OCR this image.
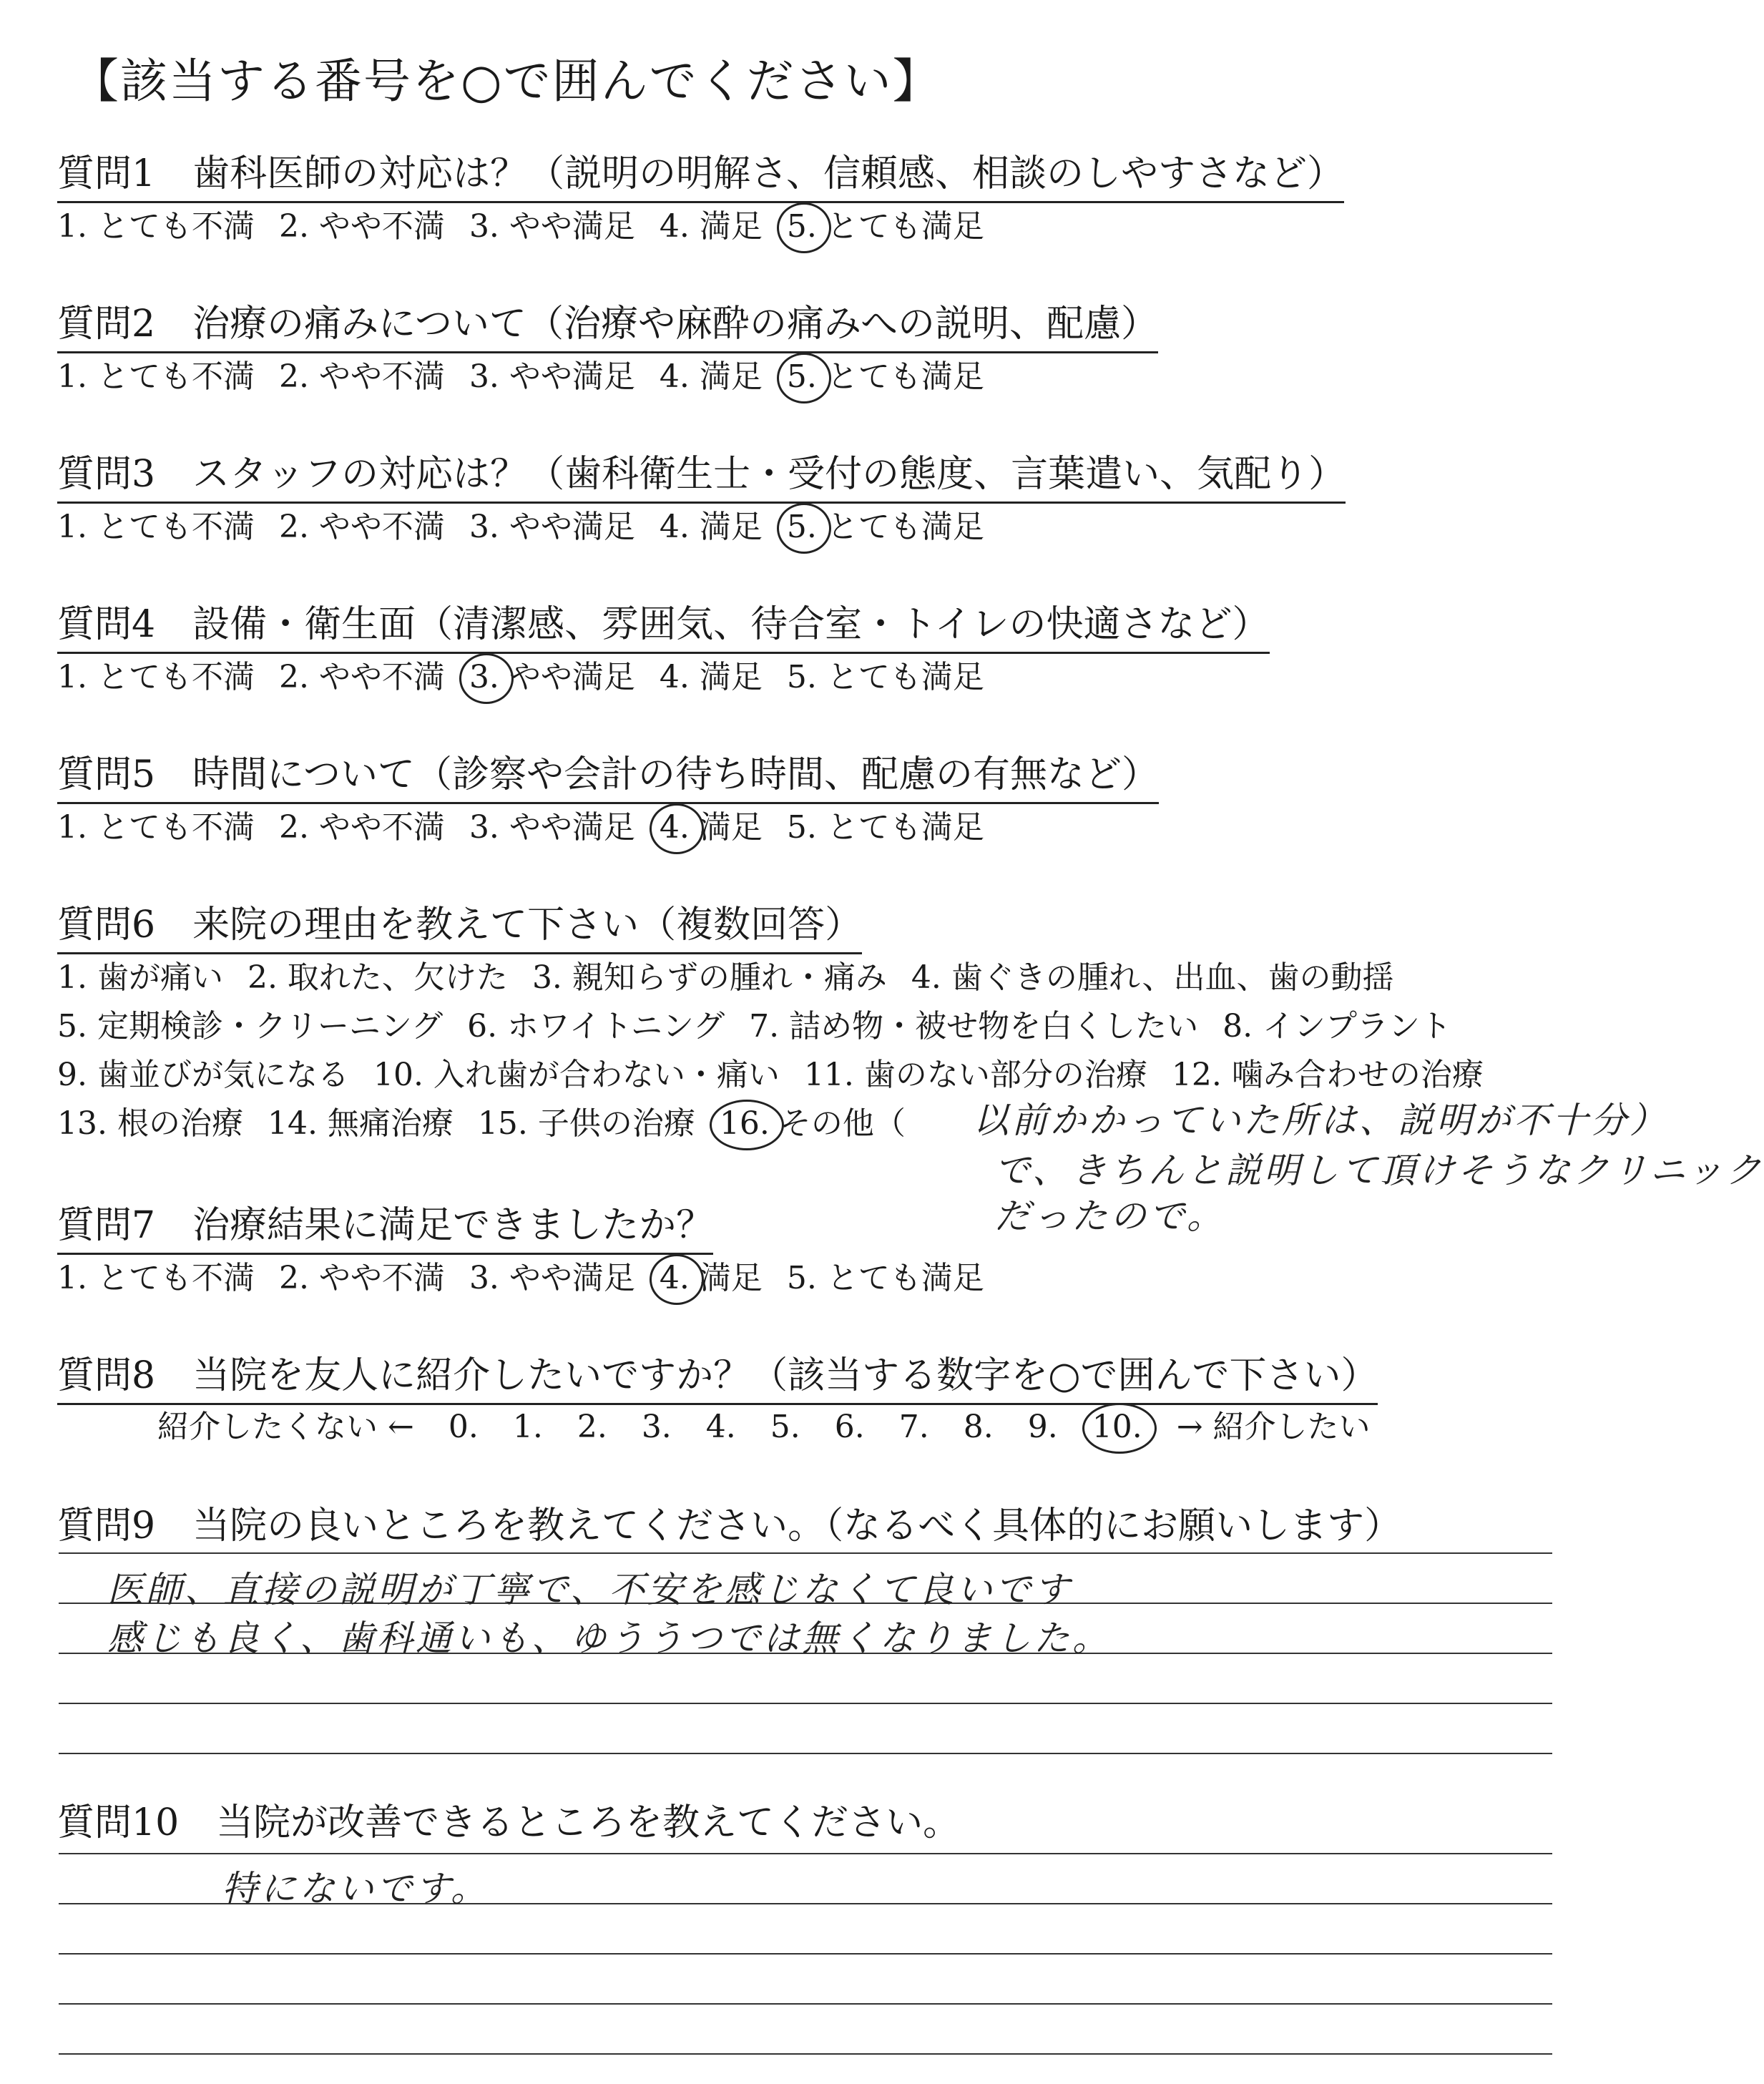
【該当する番号を○で囲んでください】
質問1　歯科医師の対応は？（説明の明解さ、信頼感、相談のしやすさなど）
1. とても不満 2. やや不満 3. やや満足 4. 満足 5. とても満足
質問2　治療の痛みについて（治療や麻酔の痛みへの説明、配慮）
1. とても不満 2. やや不満 3. やや満足 4. 満足 5. とても満足
質問3　スタッフの対応は？（歯科衛生士・受付の態度、言葉遣い、気配り）
1. とても不満 2. やや不満 3. やや満足 4. 満足 5. とても満足
質問4　設備・衛生面（清潔感、雰囲気、待合室・トイレの快適さなど）
1. とても不満 2. やや不満 3. やや満足 4. 満足 5. とても満足
質問5　時間について（診察や会計の待ち時間、配慮の有無など）
1. とても不満 2. やや不満 3. やや満足 4. 満足 5. とても満足
質問6　来院の理由を教えて下さい（複数回答）
1. 歯が痛い 2. 取れた、欠けた 3. 親知らずの腫れ・痛み 4. 歯ぐきの腫れ、出血、歯の動揺
5. 定期検診・クリーニング 6. ホワイトニング 7. 詰め物・被せ物を白くしたい 8. インプラント
9. 歯並びが気になる 10. 入れ歯が合わない・痛い 11. 歯のない部分の治療 12. 噛み合わせの治療
13. 根の治療 14. 無痛治療 15. 子供の治療 16. その他（	以前かかっていた所は、説明が不十分）
で、きちんと説明して頂けそうなクリニック
だったので。
質問7　治療結果に満足できましたか？
1. とても不満 2. やや不満 3. やや満足 4. 満足 5. とても満足
質問8　当院を友人に紹介したいですか？（該当する数字を○で囲んで下さい）
紹介したくない ← 0. 1. 2. 3. 4. 5. 6. 7. 8. 9. 10. → 紹介したい
質問9　当院の良いところを教えてください。（なるべく具体的にお願いします）
医師、直接の説明が丁寧で、不安を感じなくて良いです
感じも良く、歯科通いも、ゆううつでは無くなりました。
質問10　当院が改善できるところを教えてください。
特にないです。
